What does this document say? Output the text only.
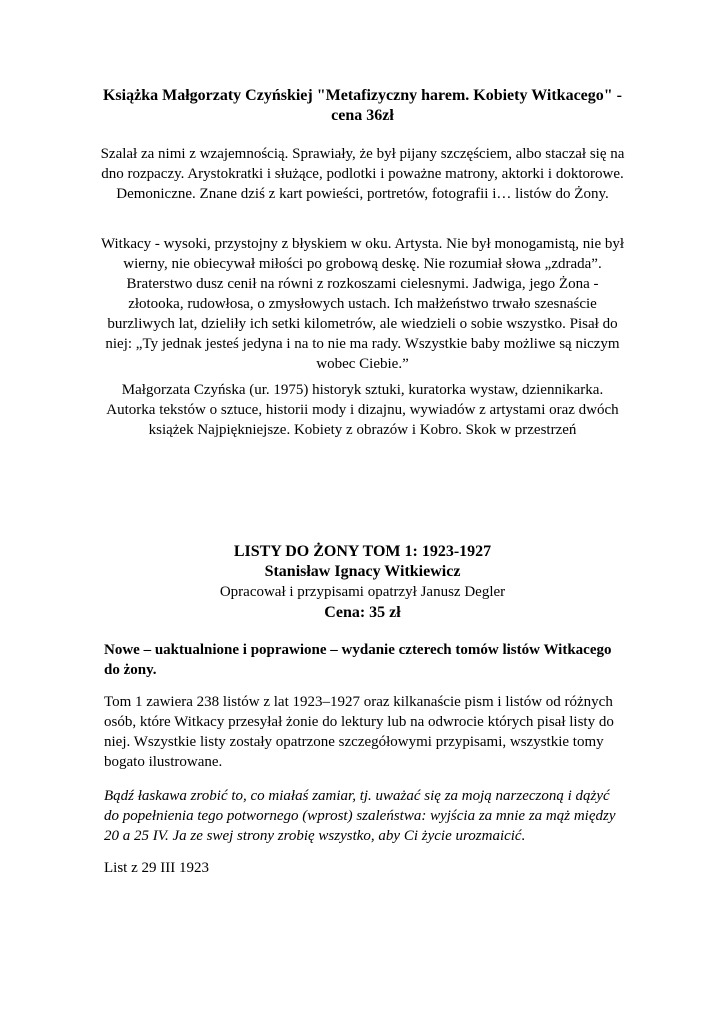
Książka Małgorzaty Czyńskiej "Metafizyczny harem. Kobiety Witkacego" - cena 36zł

Szalał za nimi z wzajemnością. Sprawiały, że był pijany szczęściem, albo staczał się na dno rozpaczy. Arystokratki i służące, podlotki i poważne matrony, aktorki i doktorowe. Demoniczne. Znane dziś z kart powieści, portretów, fotografii i… listów do Żony.

Witkacy - wysoki, przystojny z błyskiem w oku. Artysta. Nie był monogamistą, nie był wierny, nie obiecywał miłości po grobową deskę. Nie rozumiał słowa „zdrada”. Braterstwo dusz cenił na równi z rozkoszami cielesnymi. Jadwiga, jego Żona - złotooka, rudowłosa, o zmysłowych ustach. Ich małżeństwo trwało szesnaście burzliwych lat, dzieliły ich setki kilometrów, ale wiedzieli o sobie wszystko. Pisał do niej: „Ty jednak jesteś jedyna i na to nie ma rady. Wszystkie baby możliwe są niczym wobec Ciebie.”

Małgorzata Czyńska (ur. 1975) historyk sztuki, kuratorka wystaw, dziennikarka. Autorka tekstów o sztuce, historii mody i dizajnu, wywiadów z artystami oraz dwóch książek Najpiękniejsze. Kobiety z obrazów i Kobro. Skok w przestrzeń

LISTY DO ŻONY TOM 1: 1923-1927
Stanisław Ignacy Witkiewicz
Opracował i przypisami opatrzył Janusz Degler
Cena: 35 zł

Nowe – uaktualnione i poprawione – wydanie czterech tomów listów Witkacego do żony.

Tom 1 zawiera 238 listów z lat 1923–1927 oraz kilkanaście pism i listów od różnych osób, które Witkacy przesyłał żonie do lektury lub na odwrocie których pisał listy do niej. Wszystkie listy zostały opatrzone szczegółowymi przypisami, wszystkie tomy bogato ilustrowane.

Bądź łaskawa zrobić to, co miałaś zamiar, tj. uważać się za moją narzeczoną i dążyć do popełnienia tego potwornego (wprost) szaleństwa: wyjścia za mnie za mąż między 20 a 25 IV. Ja ze swej strony zrobię wszystko, aby Ci życie urozmaicić.

List z 29 III 1923
